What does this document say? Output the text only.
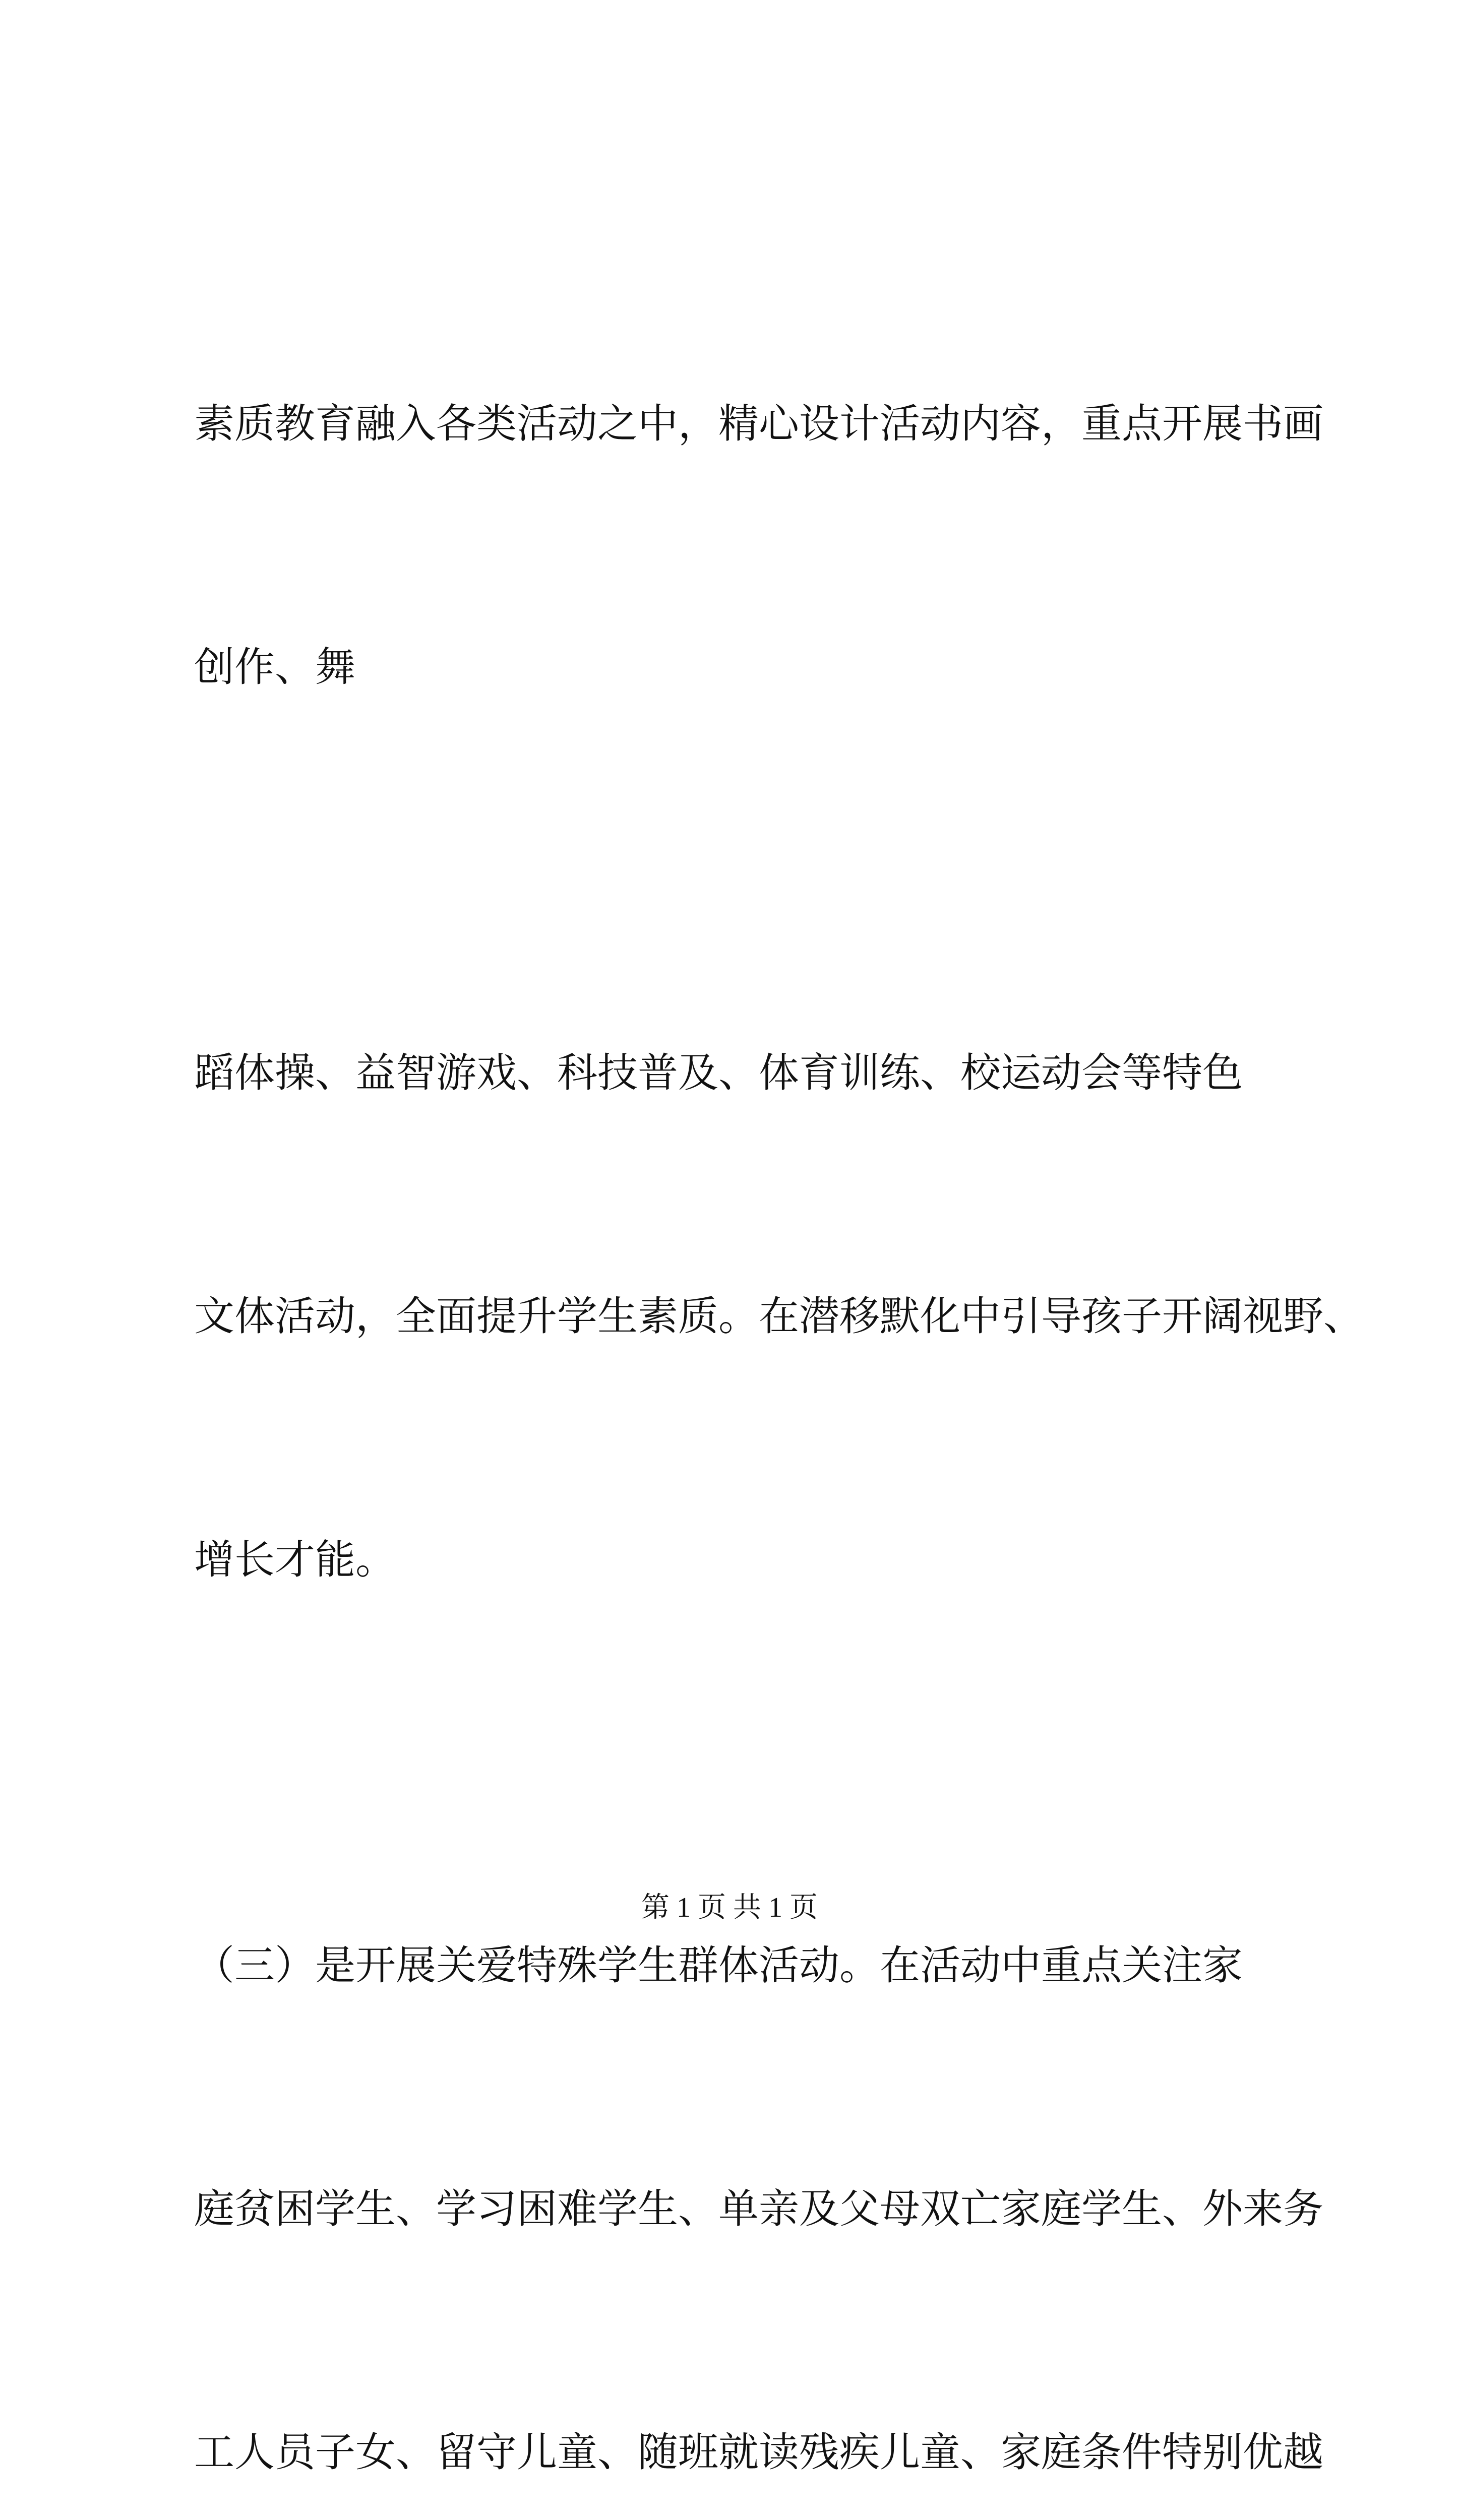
素质教育融入各类活动之中，精心设计活动内容，重点开展书画

创作、舞

蹈体操、益智游戏、科技普及、体育训练、校运动会等特色

文体活动，全面提升学生素质。在潜移默化中引导孩子开阔视野、

增长才能。

（三）是开展关爱特殊学生群体活动。在活动中重点关注家

庭贫困学生、学习困难学生、单亲及父母双亡家庭学生、外来务

工人员子女、留守儿童、随班就读残疾儿童、家庭条件特别优越

第 1 页 共 1 页
